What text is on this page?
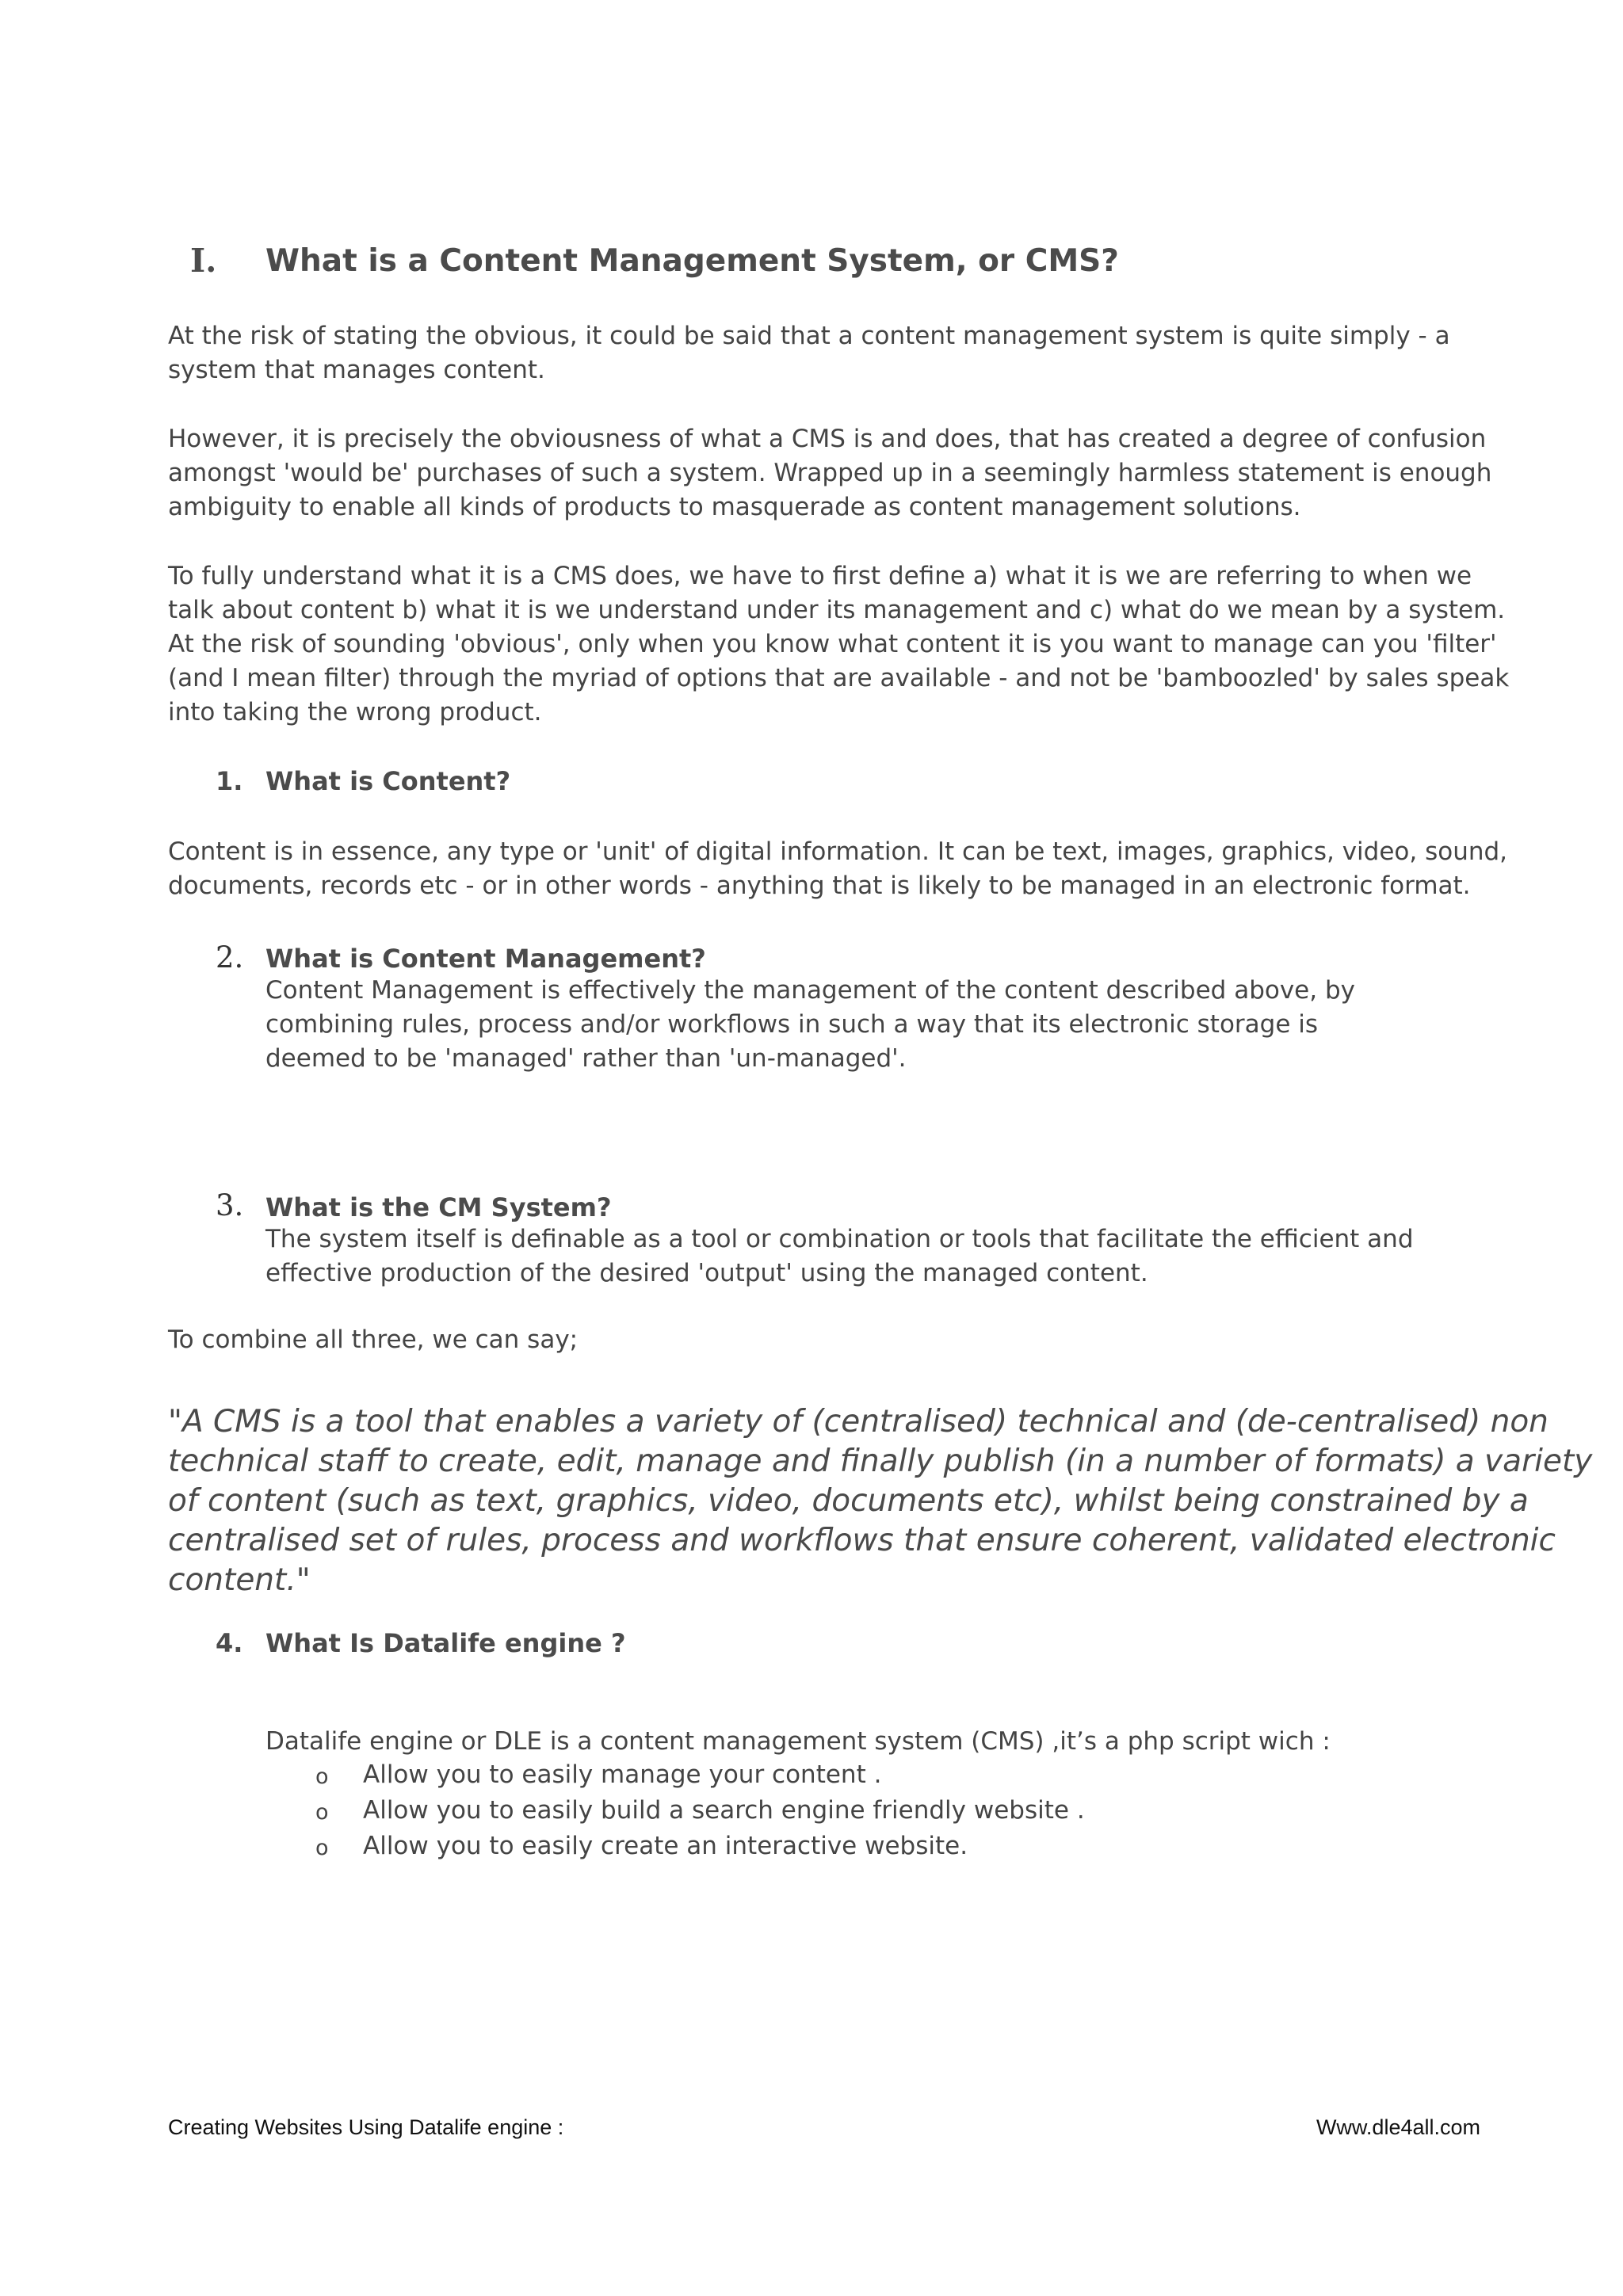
I. What is a Content Management System, or CMS?
At the risk of stating the obvious, it could be said that a content management system is quite simply - a
system that manages content.
However, it is precisely the obviousness of what a CMS is and does, that has created a degree of confusion
amongst 'would be' purchases of such a system. Wrapped up in a seemingly harmless statement is enough
ambiguity to enable all kinds of products to masquerade as content management solutions.
To fully understand what it is a CMS does, we have to first define a) what it is we are referring to when we
talk about content b) what it is we understand under its management and c) what do we mean by a system.
At the risk of sounding 'obvious', only when you know what content it is you want to manage can you 'filter'
(and I mean filter) through the myriad of options that are available - and not be 'bamboozled' by sales speak
into taking the wrong product.
1. What is Content?
Content is in essence, any type or 'unit' of digital information. It can be text, images, graphics, video, sound,
documents, records etc - or in other words - anything that is likely to be managed in an electronic format.
2. What is Content Management?
Content Management is effectively the management of the content described above, by
combining rules, process and/or workflows in such a way that its electronic storage is
deemed to be 'managed' rather than 'un-managed'.
3. What is the CM System?
The system itself is definable as a tool or combination or tools that facilitate the efficient and
effective production of the desired 'output' using the managed content.
To combine all three, we can say;
"A CMS is a tool that enables a variety of (centralised) technical and (de-centralised) non
technical staff to create, edit, manage and finally publish (in a number of formats) a variety
of content (such as text, graphics, video, documents etc), whilst being constrained by a
centralised set of rules, process and workflows that ensure coherent, validated electronic
content."
4. What Is Datalife engine ?
Datalife engine or DLE is a content management system (CMS) ,it’s a php script wich :
o Allow you to easily manage your content .
o Allow you to easily build a search engine friendly website .
o Allow you to easily create an interactive website.
Creating Websites Using Datalife engine :	Www.dle4all.com
